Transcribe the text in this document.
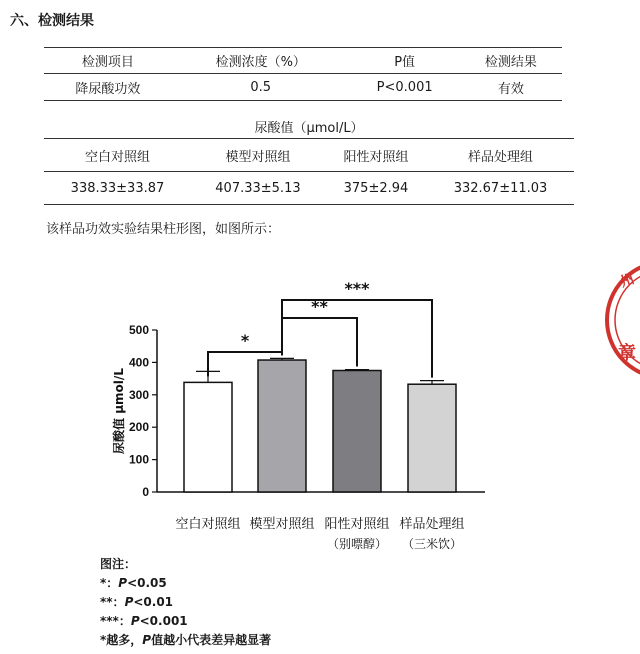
六、检测结果
检测项目	检测浓度（%）	P值	检测结果
降尿酸功效	0.5	P<0.001	有效
尿酸值（μmol/L）			
空白对照组	模型对照组	阳性对照组	样品处理组
338.33±33.87	407.33±5.13	375±2.94	332.67±11.03
该样品功效实验结果柱形图，如图所示：
0
100
200
300
400
500
尿酸值 μmol/L
空白对照组 模型对照组 阳性对照组
（别嘌醇）
样品处理组
（三米饮）
*
**
***
图注：
*：P<0.05
**：P<0.01
***：P<0.001
*越多，P值越小代表差异越显著
州
章
